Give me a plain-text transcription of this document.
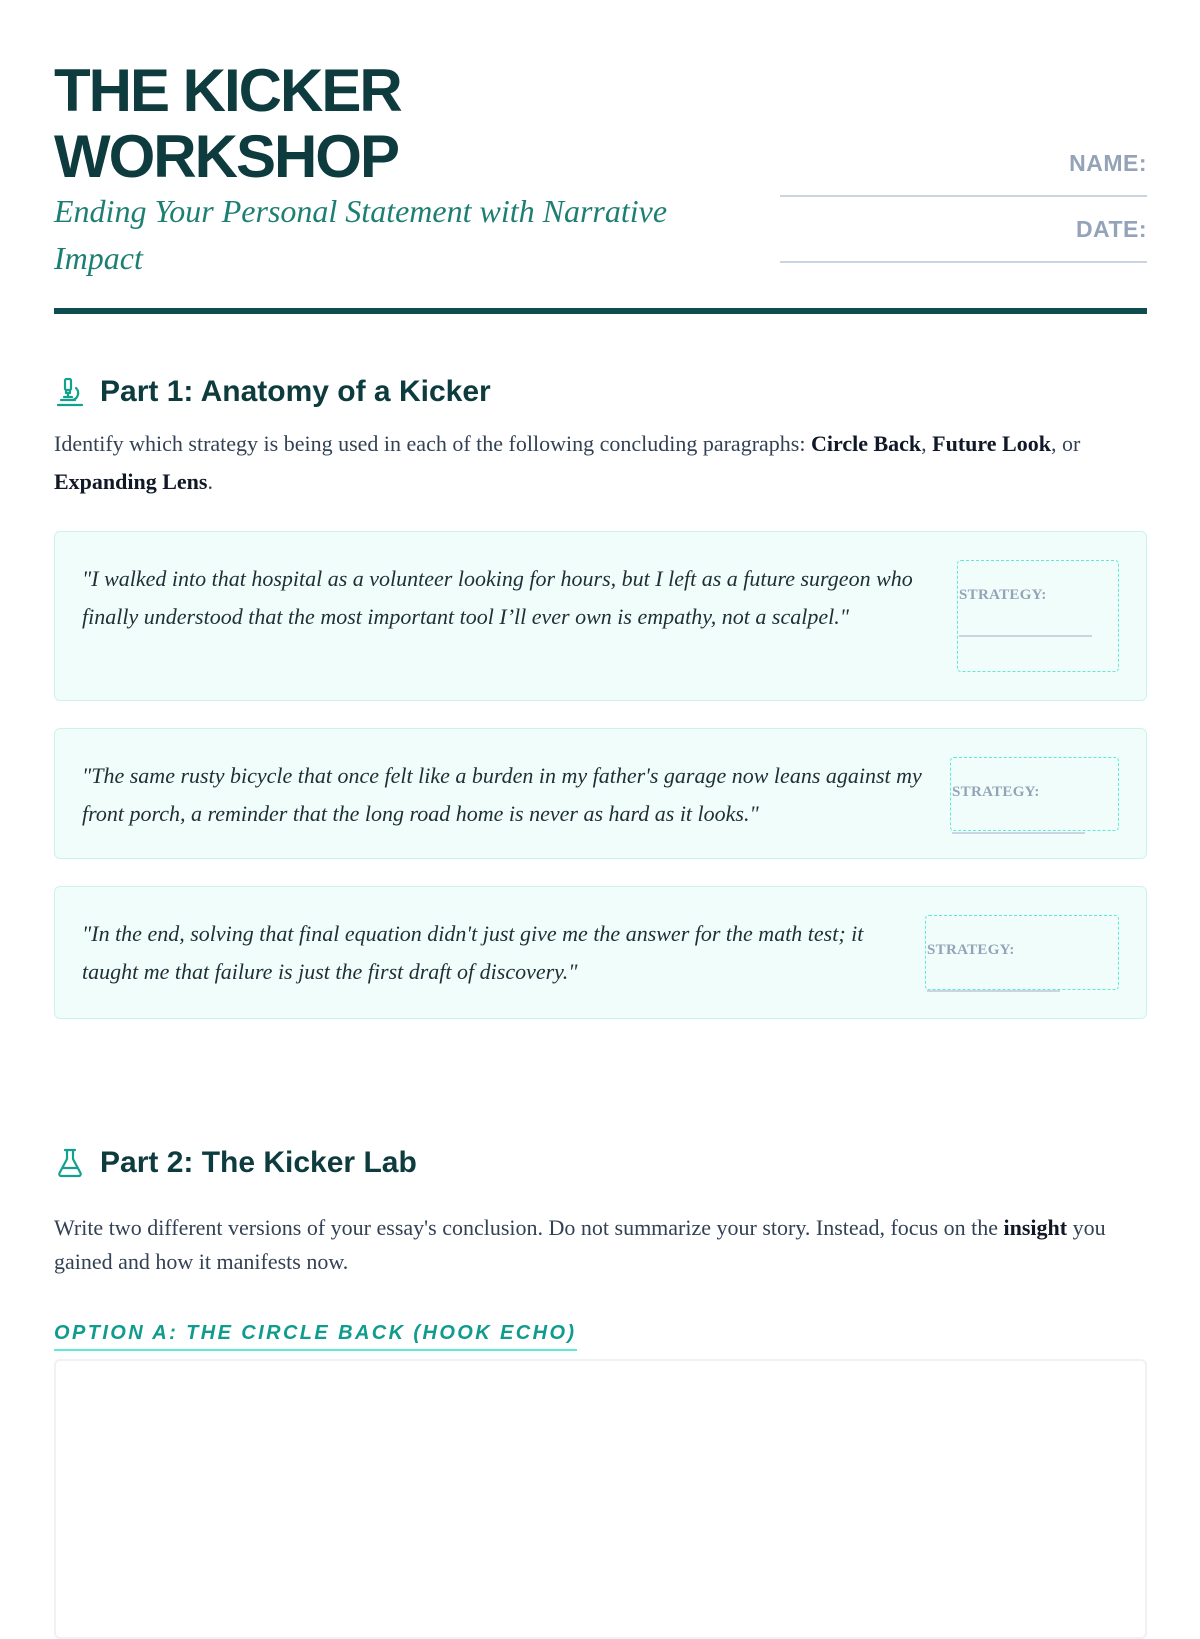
THE KICKER WORKSHOP

Ending Your Personal Statement with Narrative Impact

NAME:
DATE:
Part 1: Anatomy of a Kicker

Identify which strategy is being used in each of the following concluding paragraphs: Circle Back, Future Look, or Expanding Lens.

"I walked into that hospital as a volunteer looking for hours, but I left as a future surgeon who finally understood that the most important tool I’ll ever own is empathy, not a scalpel."

STRATEGY:

"The same rusty bicycle that once felt like a burden in my father's garage now leans against my front porch, a reminder that the long road home is never as hard as it looks."

STRATEGY:

"In the end, solving that final equation didn't just give me the answer for the math test; it taught me that failure is just the first draft of discovery."

STRATEGY:
Part 2: The Kicker Lab

Write two different versions of your essay's conclusion. Do not summarize your story. Instead, focus on the insight you gained and how it manifests now.

OPTION A: THE CIRCLE BACK (HOOK ECHO)
